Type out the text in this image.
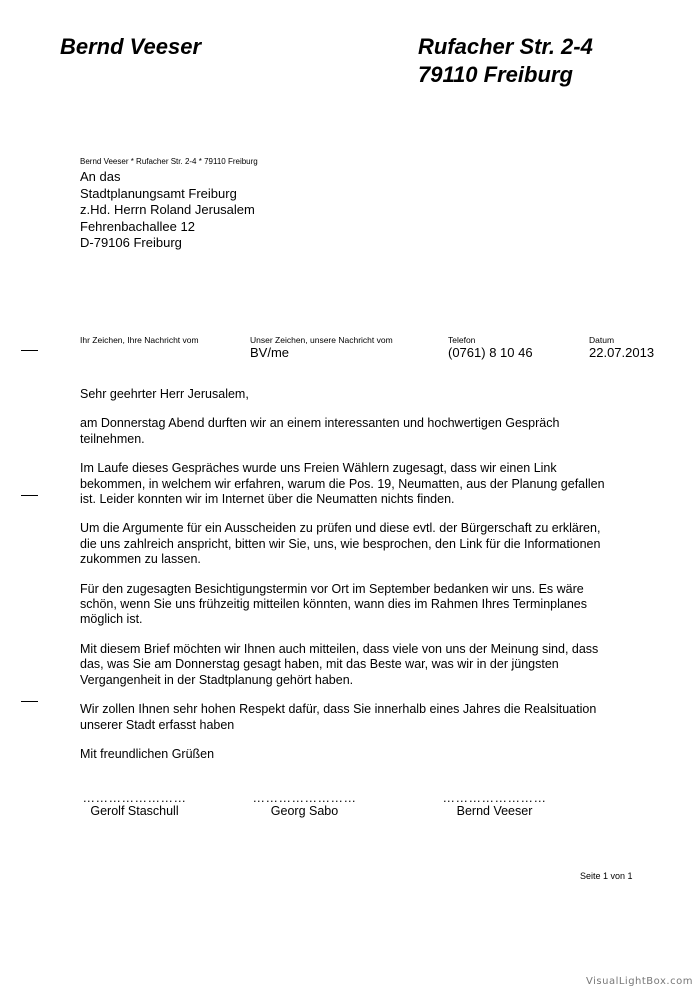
Bernd Veeser	Rufacher Str. 2-4
79110 Freiburg
Bernd Veeser * Rufacher Str. 2-4 * 79110 Freiburg
An das
Stadtplanungsamt Freiburg
z.Hd. Herrn Roland Jerusalem
Fehrenbachallee 12
D-79106 Freiburg
Ihr Zeichen, Ihre Nachricht vom	Unser Zeichen, unsere Nachricht vom
BV/me
Telefon
(0761) 8 10 46
Datum
22.07.2013

Sehr geehrter Herr Jerusalem,

am Donnerstag Abend durften wir an einem interessanten und hochwertigen Gespräch
teilnehmen.

Im Laufe dieses Gespräches wurde uns Freien Wählern zugesagt, dass wir einen Link
bekommen, in welchem wir erfahren, warum die Pos. 19, Neumatten, aus der Planung gefallen
ist. Leider konnten wir im Internet über die Neumatten nichts finden.

Um die Argumente für ein Ausscheiden zu prüfen und diese evtl. der Bürgerschaft zu erklären,
die uns zahlreich anspricht, bitten wir Sie, uns, wie besprochen, den Link für die Informationen
zukommen zu lassen.

Für den zugesagten Besichtigungstermin vor Ort im September bedanken wir uns. Es wäre
schön, wenn Sie uns frühzeitig mitteilen könnten, wann dies im Rahmen Ihres Terminplanes
möglich ist.

Mit diesem Brief möchten wir Ihnen auch mitteilen, dass viele von uns der Meinung sind, dass
das, was Sie am Donnerstag gesagt haben, mit das Beste war, was wir in der jüngsten
Vergangenheit in der Stadtplanung gehört haben.

Wir zollen Ihnen sehr hohen Respekt dafür, dass Sie innerhalb eines Jahres die Realsituation
unserer Stadt erfasst haben

Mit freundlichen Grüßen

……………………
Gerolf Staschull
……………………
Georg Sabo
……………………
Bernd Veeser
Seite 1 von 1
VisualLightBox.com
